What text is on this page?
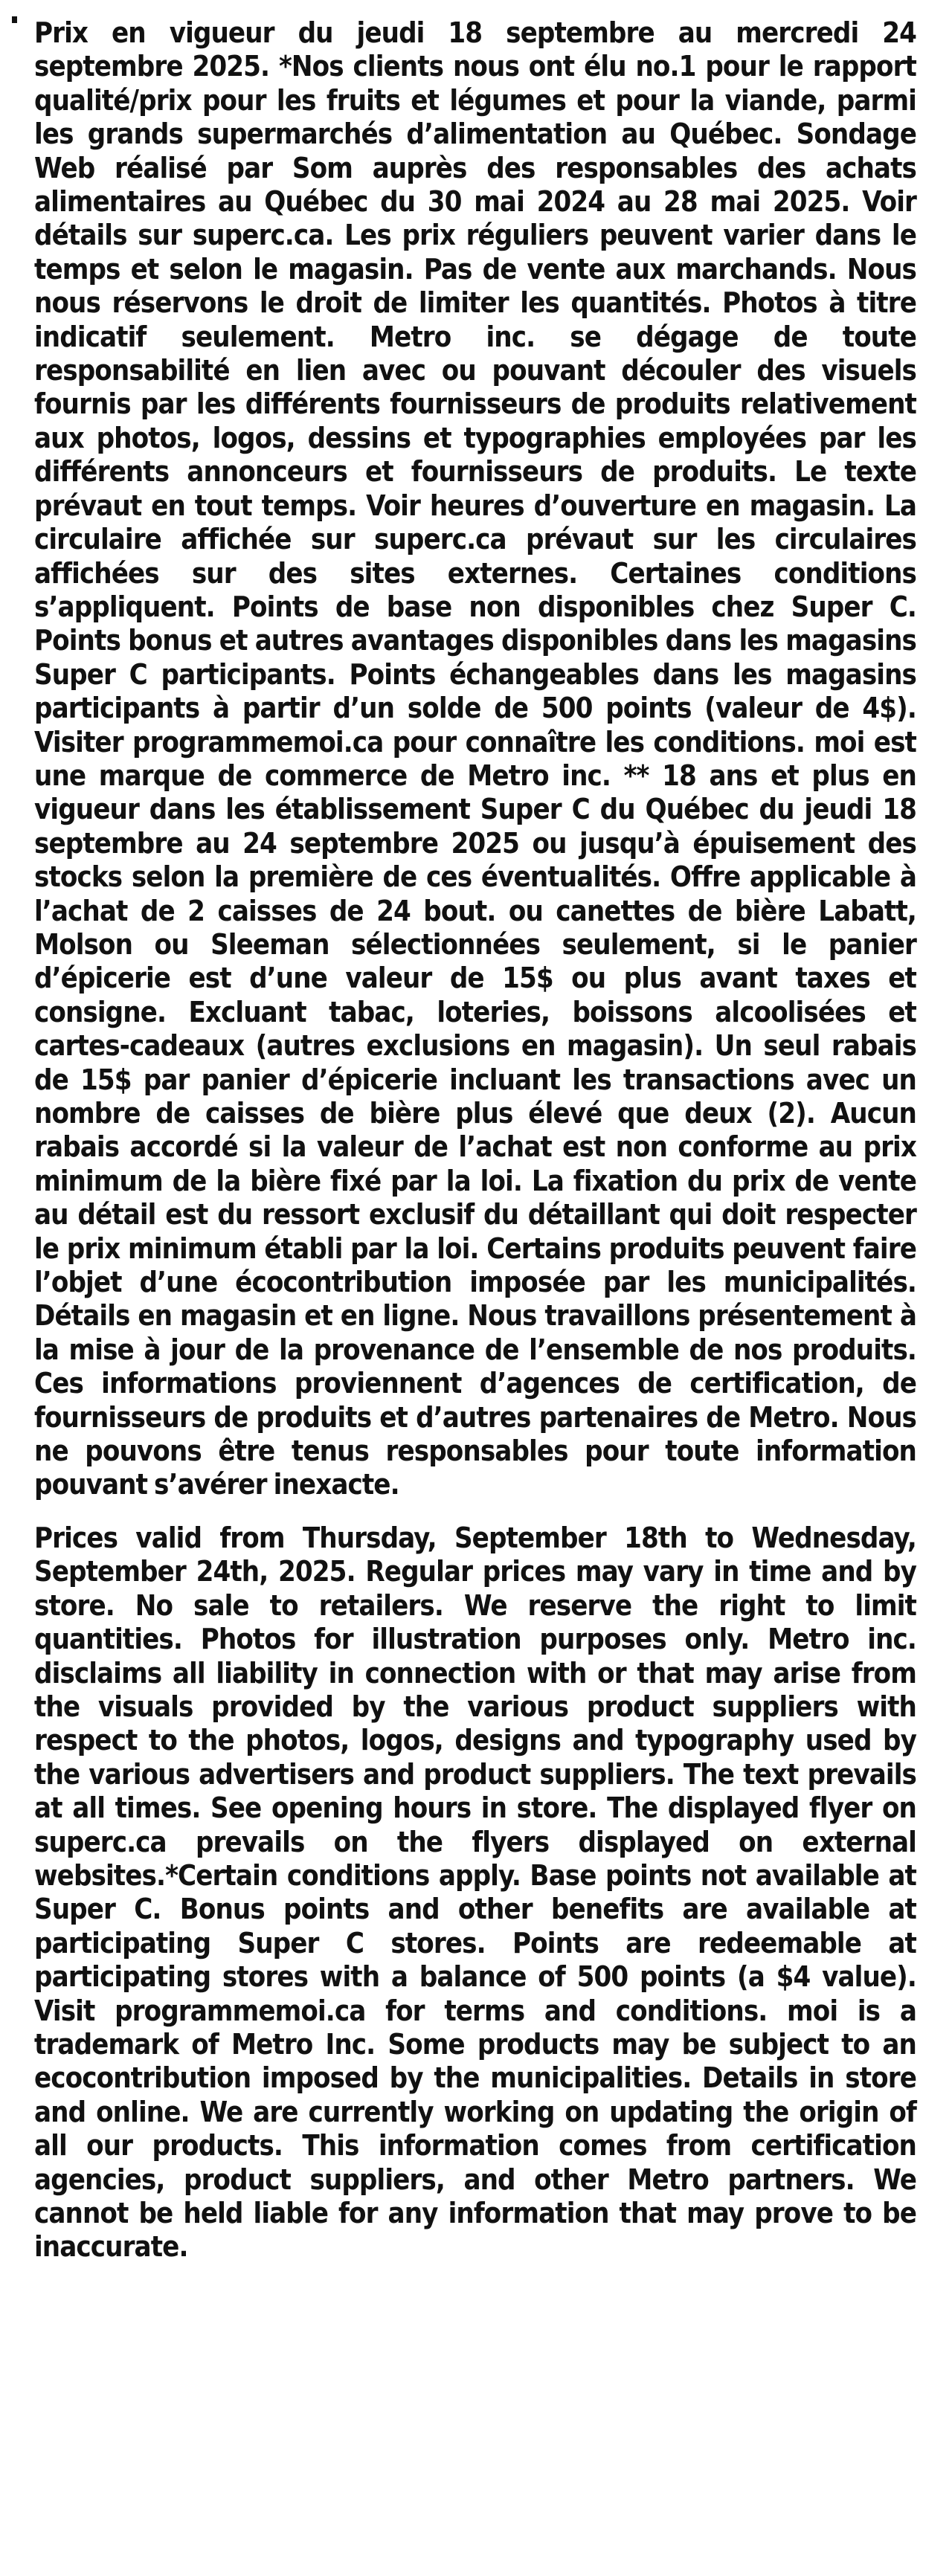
Prix en vigueur du jeudi 18 septembre au mercredi 24 septembre 2025. *Nos clients nous ont élu no.1 pour le rapport qualité/prix pour les fruits et légumes et pour la viande, parmi les grands supermarchés d’alimentation au Québec. Sondage Web réalisé par Som auprès des responsables des achats alimentaires au Québec du 30 mai 2024 au 28 mai 2025. Voir détails sur superc.ca. Les prix réguliers peuvent varier dans le temps et selon le magasin. Pas de vente aux marchands. Nous nous réservons le droit de limiter les quantités. Photos à titre indicatif seulement. Metro inc. se dégage de toute responsabilité en lien avec ou pouvant découler des visuels fournis par les différents fournisseurs de produits relativement aux photos, logos, dessins et typographies employées par les différents annonceurs et fournisseurs de produits. Le texte prévaut en tout temps. Voir heures d’ouverture en magasin. La circulaire affichée sur superc.ca prévaut sur les circulaires affichées sur des sites externes. Certaines conditions s’appliquent. Points de base non disponibles chez Super C. Points bonus et autres avantages disponibles dans les magasins Super C participants. Points échangeables dans les magasins participants à partir d’un solde de 500 points (valeur de 4$). Visiter programmemoi.ca pour connaître les conditions. moi est une marque de commerce de Metro inc. ** 18 ans et plus en vigueur dans les établissement Super C du Québec du jeudi 18 septembre au 24 septembre 2025 ou jusqu’à épuisement des stocks selon la première de ces éventualités. Offre applicable à l’achat de 2 caisses de 24 bout. ou canettes de bière Labatt, Molson ou Sleeman sélectionnées seulement, si le panier d’épicerie est d’une valeur de 15$ ou plus avant taxes et consigne. Excluant tabac, loteries, boissons alcoolisées et cartes-cadeaux (autres exclusions en magasin). Un seul rabais de 15$ par panier d’épicerie incluant les transactions avec un nombre de caisses de bière plus élevé que deux (2). Aucun rabais accordé si la valeur de l’achat est non conforme au prix minimum de la bière fixé par la loi. La fixation du prix de vente au détail est du ressort exclusif du détaillant qui doit respecter le prix minimum établi par la loi. Certains produits peuvent faire l’objet d’une écocontribution imposée par les municipalités. Détails en magasin et en ligne. Nous travaillons présentement à la mise à jour de la provenance de l’ensemble de nos produits. Ces informations proviennent d’agences de certification, de fournisseurs de produits et d’autres partenaires de Metro. Nous ne pouvons être tenus responsables pour toute information pouvant s’avérer inexacte.

Prices valid from Thursday, September 18th to Wednesday, September 24th, 2025. Regular prices may vary in time and by store. No sale to retailers. We reserve the right to limit quantities. Photos for illustration purposes only. Metro inc. disclaims all liability in connection with or that may arise from the visuals provided by the various product suppliers with respect to the photos, logos, designs and typography used by the various advertisers and product suppliers. The text prevails at all times. See opening hours in store. The displayed flyer on superc.ca prevails on the flyers displayed on external websites.*Certain conditions apply. Base points not available at Super C. Bonus points and other benefits are available at participating Super C stores. Points are redeemable at participating stores with a balance of 500 points (a $4 value). Visit programmemoi.ca for terms and conditions. moi is a trademark of Metro Inc. Some products may be subject to an ecocontribution imposed by the municipalities. Details in store and online. We are currently working on updating the origin of all our products. This information comes from certification agencies, product suppliers, and other Metro partners. We cannot be held liable for any information that may prove to be inaccurate.
